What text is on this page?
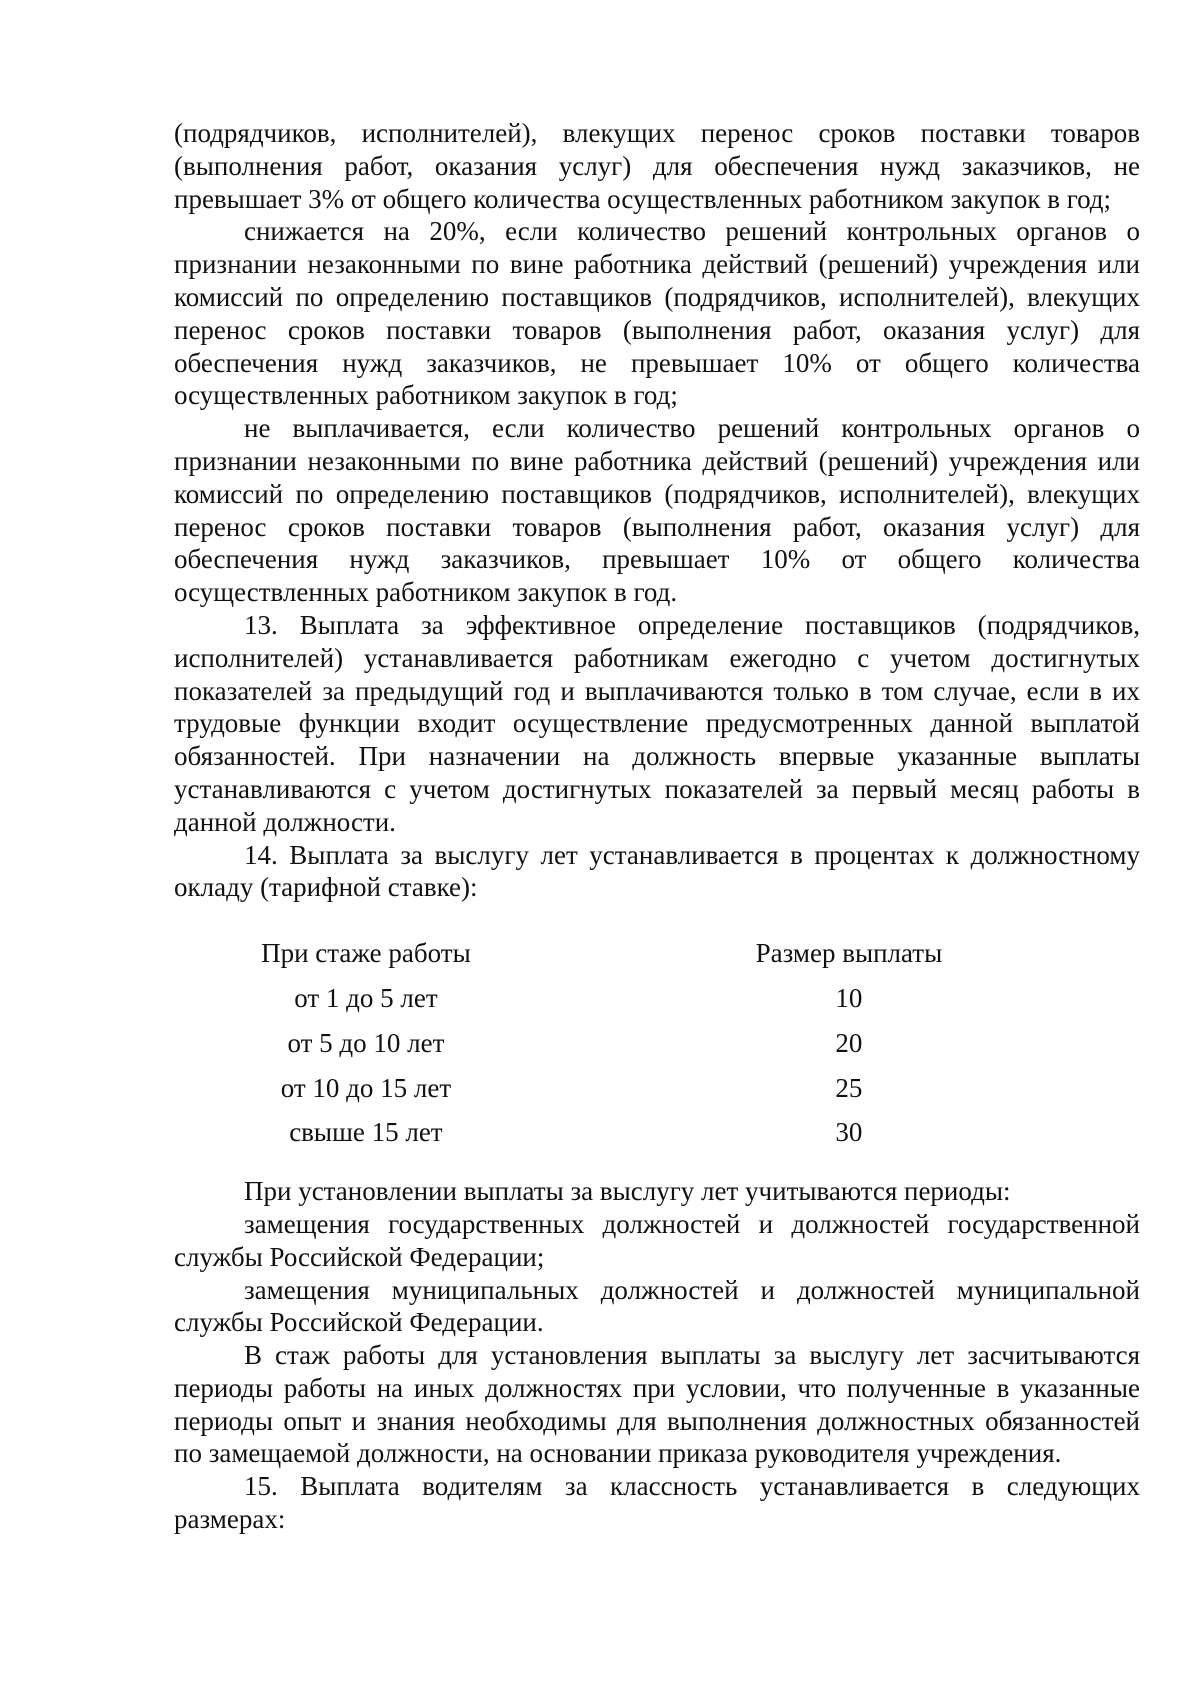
(подрядчиков, исполнителей), влекущих перенос сроков поставки товаров (выполнения работ, оказания услуг) для обеспечения нужд заказчиков, не превышает 3% от общего количества осуществленных работником закупок в год;

снижается на 20%, если количество решений контрольных органов о признании незаконными по вине работника действий (решений) учреждения или комиссий по определению поставщиков (подрядчиков, исполнителей), влекущих перенос сроков поставки товаров (выполнения работ, оказания услуг) для обеспечения нужд заказчиков, не превышает 10% от общего количества осуществленных работником закупок в год;

не выплачивается, если количество решений контрольных органов о признании незаконными по вине работника действий (решений) учреждения или комиссий по определению поставщиков (подрядчиков, исполнителей), влекущих перенос сроков поставки товаров (выполнения работ, оказания услуг) для обеспечения нужд заказчиков, превышает 10% от общего количества осуществленных работником закупок в год.

13. Выплата за эффективное определение поставщиков (подрядчиков, исполнителей) устанавливается работникам ежегодно с учетом достигнутых показателей за предыдущий год и выплачиваются только в том случае, если в их трудовые функции входит осуществление предусмотренных данной выплатой обязанностей. При назначении на должность впервые указанные выплаты устанавливаются с учетом достигнутых показателей за первый месяц работы в данной должности.

14. Выплата за выслугу лет устанавливается в процентах к должностному окладу (тарифной ставке):

При стаже работы	Размер выплаты
от 1 до 5 лет	10
от 5 до 10 лет	20
от 10 до 15 лет	25
свыше 15 лет	30

При установлении выплаты за выслугу лет учитываются периоды:

замещения государственных должностей и должностей государственной службы Российской Федерации;

замещения муниципальных должностей и должностей муниципальной службы Российской Федерации.

В стаж работы для установления выплаты за выслугу лет засчитываются периоды работы на иных должностях при условии, что полученные в указанные периоды опыт и знания необходимы для выполнения должностных обязанностей по замещаемой должности, на основании приказа руководителя учреждения.

15. Выплата водителям за классность устанавливается в следующих размерах:
